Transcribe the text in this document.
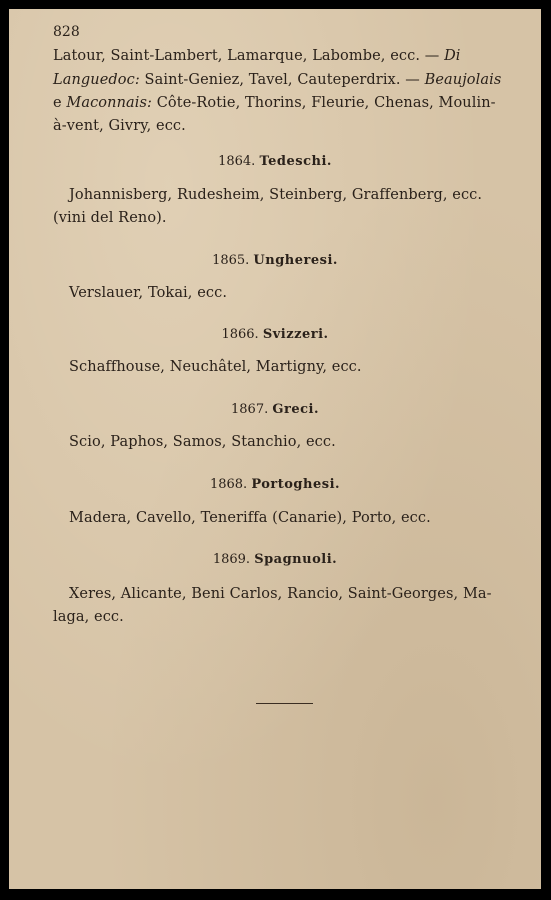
828
Latour, Saint-Lambert, Lamarque, Labombe, ecc. — Di
Languedoc: Saint-Geniez, Tavel, Cauteperdrix. — Beaujolais
e Maconnais: Côte-Rotie, Thorins, Fleurie, Chenas, Moulin-
à-vent, Givry, ecc.
1864. Tedeschi.
Johannisberg, Rudesheim, Steinberg, Graffenberg, ecc.
(vini del Reno).
1865. Ungheresi.
Verslauer, Tokai, ecc.
1866. Svizzeri.
Schaffhouse, Neuchâtel, Martigny, ecc.
1867. Greci.
Scio, Paphos, Samos, Stanchio, ecc.
1868. Portoghesi.
Madera, Cavello, Teneriffa (Canarie), Porto, ecc.
1869. Spagnuoli.
Xeres, Alicante, Beni Carlos, Rancio, Saint-Georges, Ma-
laga, ecc.
